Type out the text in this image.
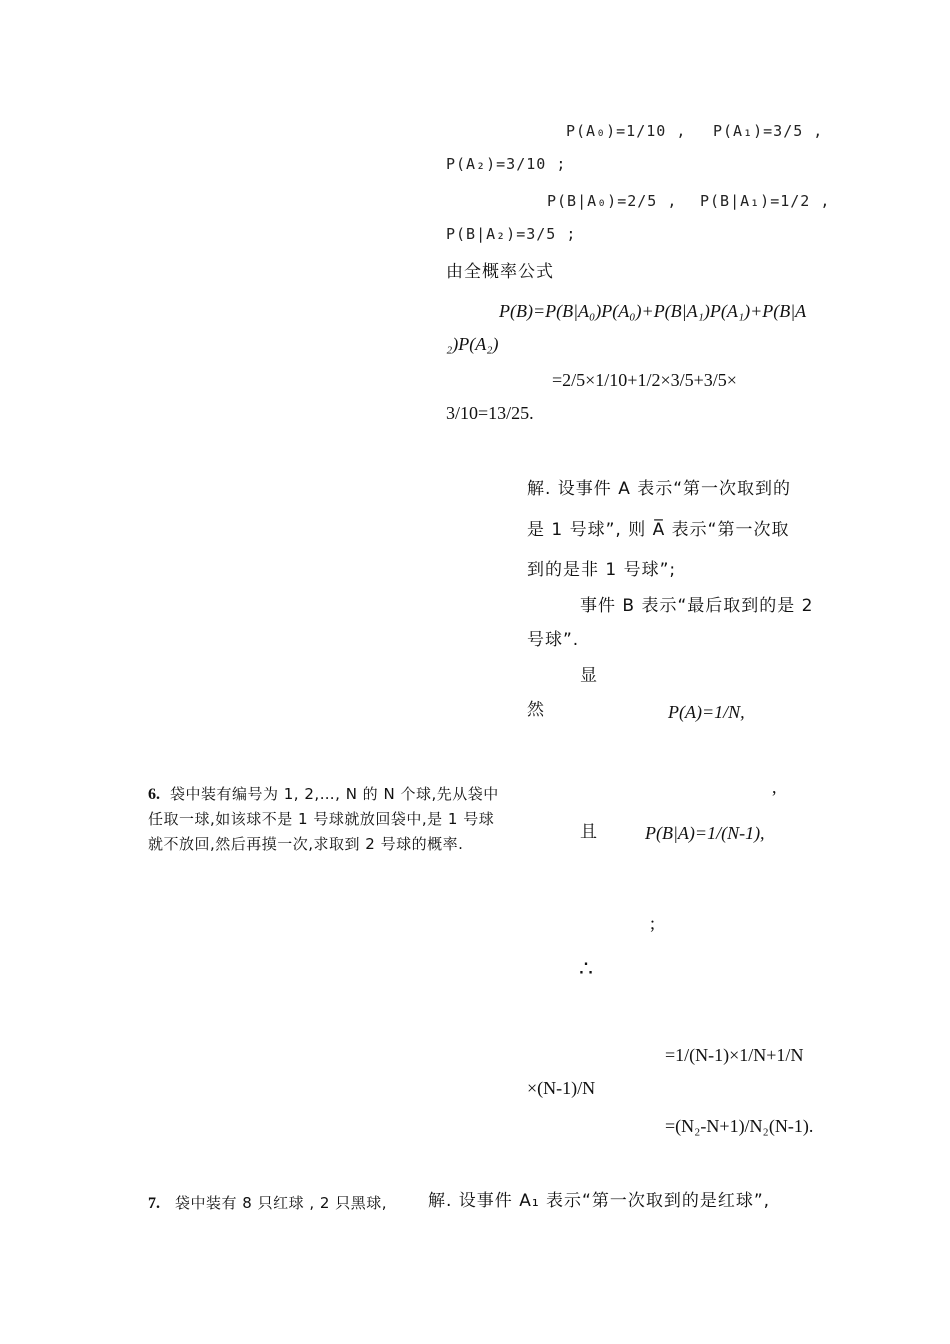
P(A₀)=1/10 , P(A₁)=3/5 ,
P(A₂)=3/10 ;
P(B|A₀)=2/5 , P(B|A₁)=1/2 ,
P(B|A₂)=3/5 ;
由全概率公式
P(B)=P(B|A₀)P(A₀)+P(B|A₁)P(A₁)+P(B|A
₂)P(A₂)
=2/5×1/10+1/2×3/5+3/5×
3/10=13/25.
解. 设事件 A 表示“第一次取到的
是 1 号球”, 则 A̅ 表示“第一次取
到的是非 1 号球”;
事件 B 表示“最后取到的是 2
号球”.
显
然	P(A)=1/N,
,
且	P(B|A)=1/(N-1),
;
∴
=1/(N-1)×1/N+1/N
×(N-1)/N
=(N₂-N+1)/N₂(N-1).
6. 袋中装有编号为 1, 2,…, N 的 N 个球,先从袋中
任取一球,如该球不是 1 号球就放回袋中,是 1 号球
就不放回,然后再摸一次,求取到 2 号球的概率.
7. 袋中装有 8 只红球 , 2 只黑球, 解. 设事件 A₁ 表示“第一次取到的是红球”,
